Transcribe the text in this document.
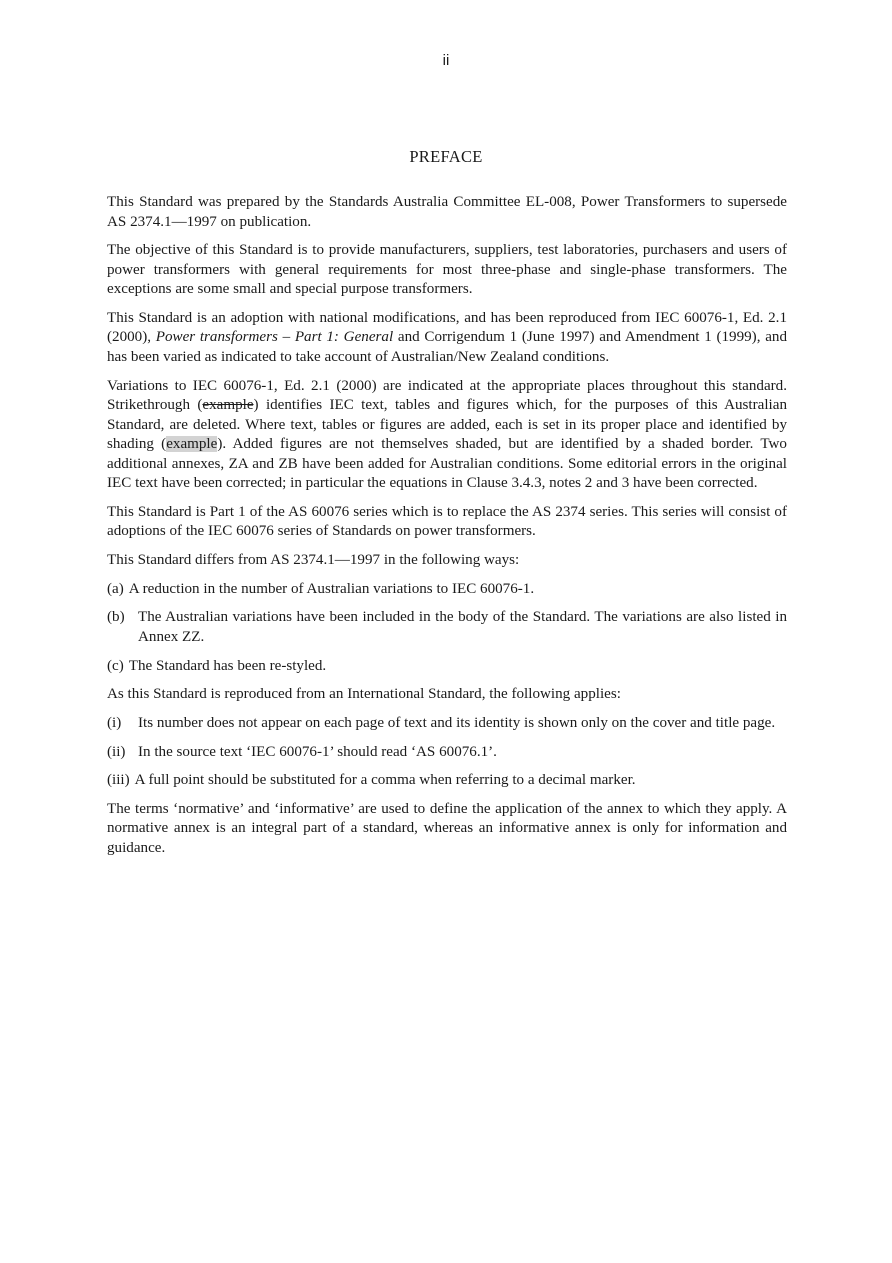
ii
PREFACE

This Standard was prepared by the Standards Australia Committee EL-008, Power Transformers to supersede AS 2374.1—1997 on publication.

The objective of this Standard is to provide manufacturers, suppliers, test laboratories, purchasers and users of power transformers with general requirements for most three-phase and single-phase transformers. The exceptions are some small and special purpose transformers.

This Standard is an adoption with national modifications, and has been reproduced from IEC 60076-1, Ed. 2.1 (2000), Power transformers – Part 1: General and Corrigendum 1 (June 1997) and Amendment 1 (1999), and has been varied as indicated to take account of Australian/New Zealand conditions.

Variations to IEC 60076-1, Ed. 2.1 (2000) are indicated at the appropriate places throughout this standard. Strikethrough (example) identifies IEC text, tables and figures which, for the purposes of this Australian Standard, are deleted. Where text, tables or figures are added, each is set in its proper place and identified by shading (example). Added figures are not themselves shaded, but are identified by a shaded border. Two additional annexes, ZA and ZB have been added for Australian conditions. Some editorial errors in the original IEC text have been corrected; in particular the equations in Clause 3.4.3, notes 2 and 3 have been corrected.

This Standard is Part 1 of the AS 60076 series which is to replace the AS 2374 series. This series will consist of adoptions of the IEC 60076 series of Standards on power transformers.

This Standard differs from AS 2374.1—1997 in the following ways:

(a) A reduction in the number of Australian variations to IEC 60076-1.
(b) The Australian variations have been included in the body of the Standard. The variations are also listed in Annex ZZ.
(c) The Standard has been re-styled.

As this Standard is reproduced from an International Standard, the following applies:

(i)	Its number does not appear on each page of text and its identity is shown only on the cover and title page.
(ii) In the source text ‘IEC 60076-1’ should read ‘AS 60076.1’.
(iii) A full point should be substituted for a comma when referring to a decimal marker.

The terms ‘normative’ and ‘informative’ are used to define the application of the annex to which they apply. A normative annex is an integral part of a standard, whereas an informative annex is only for information and guidance.
